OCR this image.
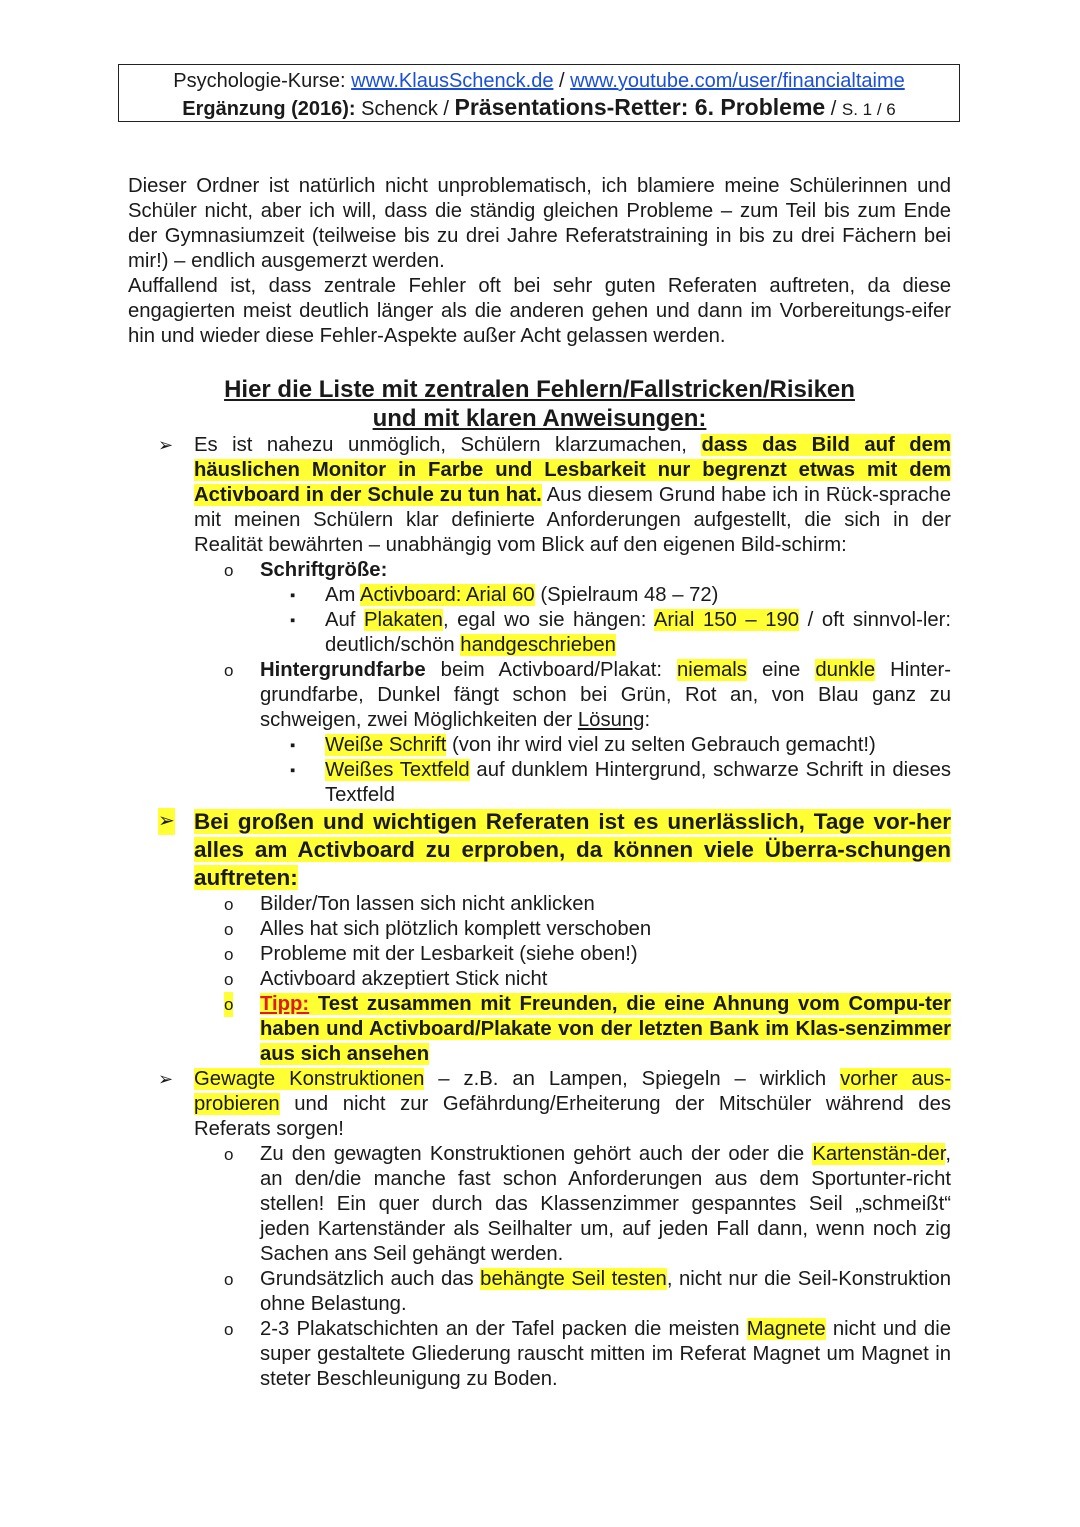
Psychologie-Kurse: www.KlausSchenck.de / www.youtube.com/user/financialtaime
Ergänzung (2016): Schenck / Präsentations-Retter: 6. Probleme / S. 1 / 6

Dieser Ordner ist natürlich nicht unproblematisch, ich blamiere meine Schülerinnen und Schüler nicht, aber ich will, dass die ständig gleichen Probleme – zum Teil bis zum Ende der Gymnasiumzeit (teilweise bis zu drei Jahre Referatstraining in bis zu drei Fächern bei mir!) – endlich ausgemerzt werden.

Auffallend ist, dass zentrale Fehler oft bei sehr guten Referaten auftreten, da diese engagierten meist deutlich länger als die anderen gehen und dann im Vorbereitungs-eifer hin und wieder diese Fehler-Aspekte außer Acht gelassen werden.

Hier die Liste mit zentralen Fehlern/Fallstricken/Risiken
und mit klaren Anweisungen:
➢ Es ist nahezu unmöglich, Schülern klarzumachen, dass das Bild auf dem häuslichen Monitor in Farbe und Lesbarkeit nur begrenzt etwas mit dem Activboard in der Schule zu tun hat. Aus diesem Grund habe ich in Rück-sprache mit meinen Schülern klar definierte Anforderungen aufgestellt, die sich in der Realität bewährten – unabhängig vom Blick auf den eigenen Bild-schirm:
o Schriftgröße:
▪ Am Activboard: Arial 60 (Spielraum 48 – 72)
▪ Auf Plakaten, egal wo sie hängen: Arial 150 – 190 / oft sinnvol-ler: deutlich/schön handgeschrieben
o Hintergrundfarbe beim Activboard/Plakat: niemals eine dunkle Hinter-grundfarbe, Dunkel fängt schon bei Grün, Rot an, von Blau ganz zu schweigen, zwei Möglichkeiten der Lösung:
▪ Weiße Schrift (von ihr wird viel zu selten Gebrauch gemacht!)
▪ Weißes Textfeld auf dunklem Hintergrund, schwarze Schrift in dieses Textfeld
➢ Bei großen und wichtigen Referaten ist es unerlässlich, Tage vor-her alles am Activboard zu erproben, da können viele Überra-schungen auftreten:
o Bilder/Ton lassen sich nicht anklicken
o Alles hat sich plötzlich komplett verschoben
o Probleme mit der Lesbarkeit (siehe oben!)
o Activboard akzeptiert Stick nicht
o Tipp: Test zusammen mit Freunden, die eine Ahnung vom Compu-ter haben und Activboard/Plakate von der letzten Bank im Klas-senzimmer aus sich ansehen
➢ Gewagte Konstruktionen – z.B. an Lampen, Spiegeln – wirklich vorher aus-probieren und nicht zur Gefährdung/Erheiterung der Mitschüler während des Referats sorgen!
o Zu den gewagten Konstruktionen gehört auch der oder die Kartenstän-der, an den/die manche fast schon Anforderungen aus dem Sportunter-richt stellen! Ein quer durch das Klassenzimmer gespanntes Seil „schmeißt“ jeden Kartenständer als Seilhalter um, auf jeden Fall dann, wenn noch zig Sachen ans Seil gehängt werden.
o Grundsätzlich auch das behängte Seil testen, nicht nur die Seil-Konstruktion ohne Belastung.
o 2-3 Plakatschichten an der Tafel packen die meisten Magnete nicht und die super gestaltete Gliederung rauscht mitten im Referat Magnet um Magnet in steter Beschleunigung zu Boden.
